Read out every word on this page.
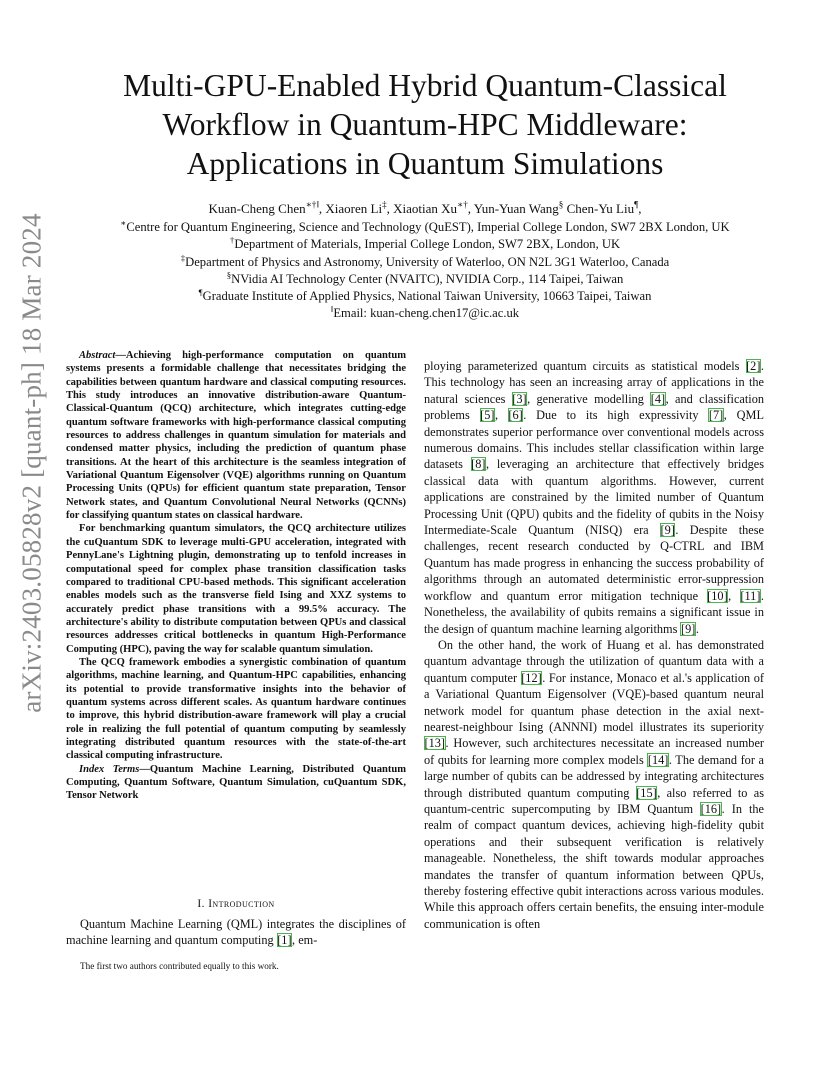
arXiv:2403.05828v2 [quant-ph] 18 Mar 2024
Multi-GPU-Enabled Hybrid Quantum-Classical
Workflow in Quantum-HPC Middleware:
Applications in Quantum Simulations
Kuan-Cheng Chen∗†‖, Xiaoren Li‡, Xiaotian Xu∗†, Yun-Yuan Wang§ Chen-Yu Liu¶,
∗Centre for Quantum Engineering, Science and Technology (QuEST), Imperial College London, SW7 2BX London, UK
†Department of Materials, Imperial College London, SW7 2BX, London, UK
‡Department of Physics and Astronomy, University of Waterloo, ON N2L 3G1 Waterloo, Canada
§NVidia AI Technology Center (NVAITC), NVIDIA Corp., 114 Taipei, Taiwan
¶Graduate Institute of Applied Physics, National Taiwan University, 10663 Taipei, Taiwan
‖Email: kuan-cheng.chen17@ic.ac.uk

Abstract—Achieving high-performance computation on quantum systems presents a formidable challenge that necessitates bridging the capabilities between quantum hardware and classical computing resources. This study introduces an innovative distribution-aware Quantum-Classical-Quantum (QCQ) architecture, which integrates cutting-edge quantum software frameworks with high-performance classical computing resources to address challenges in quantum simulation for materials and condensed matter physics, including the prediction of quantum phase transitions. At the heart of this architecture is the seamless integration of Variational Quantum Eigensolver (VQE) algorithms running on Quantum Processing Units (QPUs) for efficient quantum state preparation, Tensor Network states, and Quantum Convolutional Neural Networks (QCNNs) for classifying quantum states on classical hardware.

For benchmarking quantum simulators, the QCQ architecture utilizes the cuQuantum SDK to leverage multi-GPU acceleration, integrated with PennyLane's Lightning plugin, demonstrating up to tenfold increases in computational speed for complex phase transition classification tasks compared to traditional CPU-based methods. This significant acceleration enables models such as the transverse field Ising and XXZ systems to accurately predict phase transitions with a 99.5% accuracy. The architecture's ability to distribute computation between QPUs and classical resources addresses critical bottlenecks in quantum High-Performance Computing (HPC), paving the way for scalable quantum simulation.

The QCQ framework embodies a synergistic combination of quantum algorithms, machine learning, and Quantum-HPC capabilities, enhancing its potential to provide transformative insights into the behavior of quantum systems across different scales. As quantum hardware continues to improve, this hybrid distribution-aware framework will play a crucial role in realizing the full potential of quantum computing by seamlessly integrating distributed quantum resources with the state-of-the-art classical computing infrastructure.

Index Terms—Quantum Machine Learning, Distributed Quantum Computing, Quantum Software, Quantum Simulation, cuQuantum SDK, Tensor Network

I. Introduction

Quantum Machine Learning (QML) integrates the disciplines of machine learning and quantum computing [1], em-

The first two authors contributed equally to this work.

ploying parameterized quantum circuits as statistical models [2]. This technology has seen an increasing array of applications in the natural sciences [3], generative modelling [4], and classification problems [5], [6]. Due to its high expressivity [7], QML demonstrates superior performance over conventional models across numerous domains. This includes stellar classification within large datasets [8], leveraging an architecture that effectively bridges classical data with quantum algorithms. However, current applications are constrained by the limited number of Quantum Processing Unit (QPU) qubits and the fidelity of qubits in the Noisy Intermediate-Scale Quantum (NISQ) era [9]. Despite these challenges, recent research conducted by Q-CTRL and IBM Quantum has made progress in enhancing the success probability of algorithms through an automated deterministic error-suppression workflow and quantum error mitigation technique [10], [11]. Nonetheless, the availability of qubits remains a significant issue in the design of quantum machine learning algorithms [9].

On the other hand, the work of Huang et al. has demonstrated quantum advantage through the utilization of quantum data with a quantum computer [12]. For instance, Monaco et al.'s application of a Variational Quantum Eigensolver (VQE)-based quantum neural network model for quantum phase detection in the axial next-nearest-neighbour Ising (ANNNI) model illustrates its superiority [13]. However, such architectures necessitate an increased number of qubits for learning more complex models [14]. The demand for a large number of qubits can be addressed by integrating architectures through distributed quantum computing [15], also referred to as quantum-centric supercomputing by IBM Quantum [16]. In the realm of compact quantum devices, achieving high-fidelity qubit operations and their subsequent verification is relatively manageable. Nonetheless, the shift towards modular approaches mandates the transfer of quantum information between QPUs, thereby fostering effective qubit interactions across various modules. While this approach offers certain benefits, the ensuing inter-module communication is often
